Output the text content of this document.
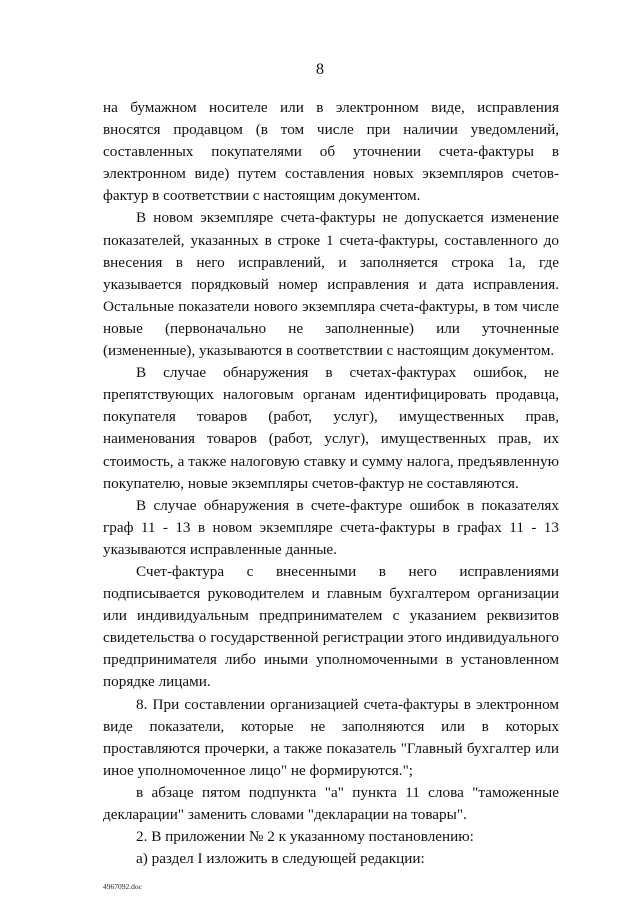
8

на бумажном носителе или в электронном виде, исправления вносятся продавцом (в том числе при наличии уведомлений, составленных покупателями об уточнении счета-фактуры в электронном виде) путем составления новых экземпляров счетов-фактур в соответствии с настоящим документом.

В новом экземпляре счета-фактуры не допускается изменение показателей, указанных в строке 1 счета-фактуры, составленного до внесения в него исправлений, и заполняется строка 1а, где указывается порядковый номер исправления и дата исправления. Остальные показатели нового экземпляра счета-фактуры, в том числе новые (первоначально не заполненные) или уточненные (измененные), указываются в соответствии с настоящим документом.

В случае обнаружения в счетах-фактурах ошибок, не препятствующих налоговым органам идентифицировать продавца, покупателя товаров (работ, услуг), имущественных прав, наименования товаров (работ, услуг), имущественных прав, их стоимость, а также налоговую ставку и сумму налога, предъявленную покупателю, новые экземпляры счетов-фактур не составляются.

В случае обнаружения в счете-фактуре ошибок в показателях граф 11 - 13 в новом экземпляре счета-фактуры в графах 11 - 13 указываются исправленные данные.

Счет-фактура с внесенными в него исправлениями подписывается руководителем и главным бухгалтером организации или индивидуальным предпринимателем с указанием реквизитов свидетельства о государственной регистрации этого индивидуального предпринимателя либо иными уполномоченными в установленном порядке лицами.

8. При составлении организацией счета-фактуры в электронном виде показатели, которые не заполняются или в которых проставляются прочерки, а также показатель "Главный бухгалтер или иное уполномоченное лицо" не формируются.";

в абзаце пятом подпункта "а" пункта 11 слова "таможенные декларации" заменить словами "декларации на товары".

2. В приложении № 2 к указанному постановлению:

а) раздел I изложить в следующей редакции:

4967092.doc
